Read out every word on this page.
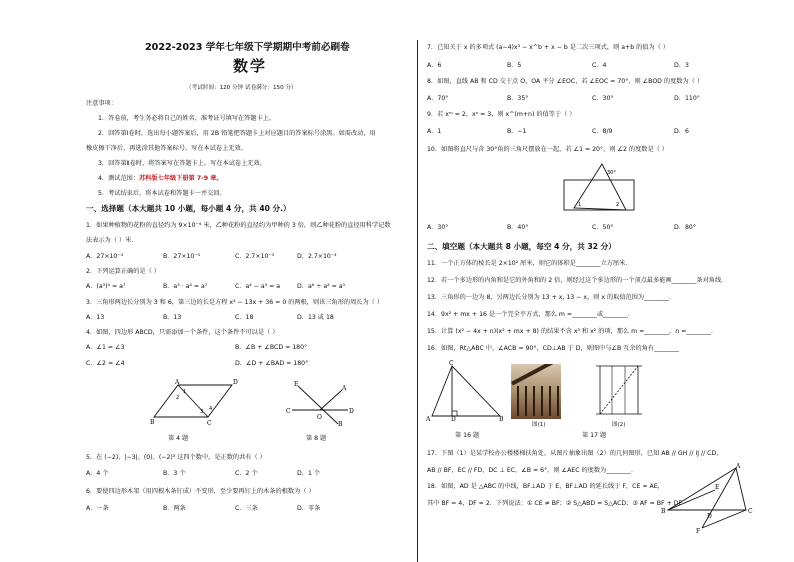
2022-2023 学年七年级下学期期中考前必刷卷
数学
（考试时间：120 分钟 试卷满分：150 分）
注意事项：
1．答卷前，考生务必将自己的姓名、准考证号填写在答题卡上。
2．回答第Ⅰ卷时，选出每小题答案后，用 2B 铅笔把答题卡上对应题目的答案标号涂黑。如需改动，用
橡皮擦干净后，再选涂其他答案标号。写在本试卷上无效。
3．回答第Ⅱ卷时，将答案写在答题卡上。写在本试卷上无效。
4．测试范围：苏科版七年级下册第 7-9 章。
5．考试结束后，将本试卷和答题卡一并交回。
一、选择题（本大题共 10 小题，每小题 4 分，共 40 分.）
1．如果种植物的花粉的直径约为 9×10⁻⁴ 米，乙种花粉的直径约为甲种的 3 倍，则乙种花粉的直径用科学记数
法表示为（ ）米．
A．27×10⁻⁴	B．27×10⁻⁵	C．2.7×10⁻³	D．2.7×10⁻⁴
2．下列运算正确的是（ ）
A．(a³)⁴ = a⁷	B．a³ · a⁴ = a⁷	C．a⁴ − a³ = a	D．a⁶ ÷ a² = a³
3．三角形两边长分别为 3 和 6，第三边的长是方程 x² − 13x + 36 = 0 的两根，则该三角形的周长为（ ）
A．13	B．13	C．18	D．13 或 18
4．如图，四边形 ABCD，只需添加一个条件，这个条件不可以是（ ）
A．∠1 = ∠3	B．∠B + ∠BCD = 180°
C．∠2 = ∠4	D．∠D + ∠BAD = 180°
A	D
B	C
1
2
3 4
第 4 题
E
A
C
B
D
O
第 8 题
5．在 (−2)、|−3|、(0)、(−2)³ 这四个数中，是正数的共有（ ）
A．4 个	B．3 个	C．2 个	D．1 个
6．要使四边形木架（用四根木条钉成）不变形，至少要再钉上的木条的根数为（ ）
A．一条	B．两条	C．三条	D．零条
7．已知关于 x 的多项式 (a−4)x³ − x^b + x − b 是二次三项式，则 a+b 的值为（ ）
A．6	B．5	C．4	D．3
8．如图，直线 AB 和 CD 交于点 O，OA 平分 ∠EOC，若 ∠EOC = 70°，则 ∠BOD 的度数为（ ）
A．70°	B．35°	C．30°	D．110°
9．若 xᵐ = 2，xⁿ = 3，则 x^(m+n) 的值等于（ ）
A．1	B．−1	C．8/9	D．6
10．如图将直尺与含 30°角的三角尺摆放在一起，若 ∠1 = 20°，则 ∠2 的度数是（ ）
30°
1	2
A．30°	B．40°	C．50°	D．80°
二、填空题（本大题共 8 小题，每空 4 分，共 32 分）
11．一个正方体的棱长是 2×10² 厘米，则它的体积是________立方厘米．
12．若一个多边形的内角和是它的外角和的 2 倍，则经过这个多边形的一个顶点最多能画________条对角线．
13．三角形的一边为 8，另两边长分别为 13 + x, 13 − x，则 x 的取值范围为________．
14．9x² + mx + 16 是一个完全平方式，那么 m =________或________．
15．计算 (x² − 4x + n)(x² + mx + 8) 的结果不含 x³ 和 x² 的项，那么 m =________，n =________．
16．如图，Rt△ABC 中，∠ACB = 90°，CD⊥AB 于 D，则图中与∠B 互余的角有________
C
A	D	B
图(1)	图(2)
第 16 题	第 17 题
17．下图（1）是某学校办公楼楼梯扶角处，从图片抽象出图（2）的几何图形，已知 AB // GH // IJ // CD，
AB // BF，EC // FD，DC ⊥ EC，∠B = 6°，则 ∠AEC 的度数为________．
18．如图，AD 是 △ABC 的中线，BF⊥AD 于 E，BF⊥AD 的延长线于 F，CE = AE，
其中 BF = 4，DF = 2．下列说法：① CE ≠ BF；② S△ABD = S△ACD；③ AF = BF + DF
A
E
B
D
C
F
